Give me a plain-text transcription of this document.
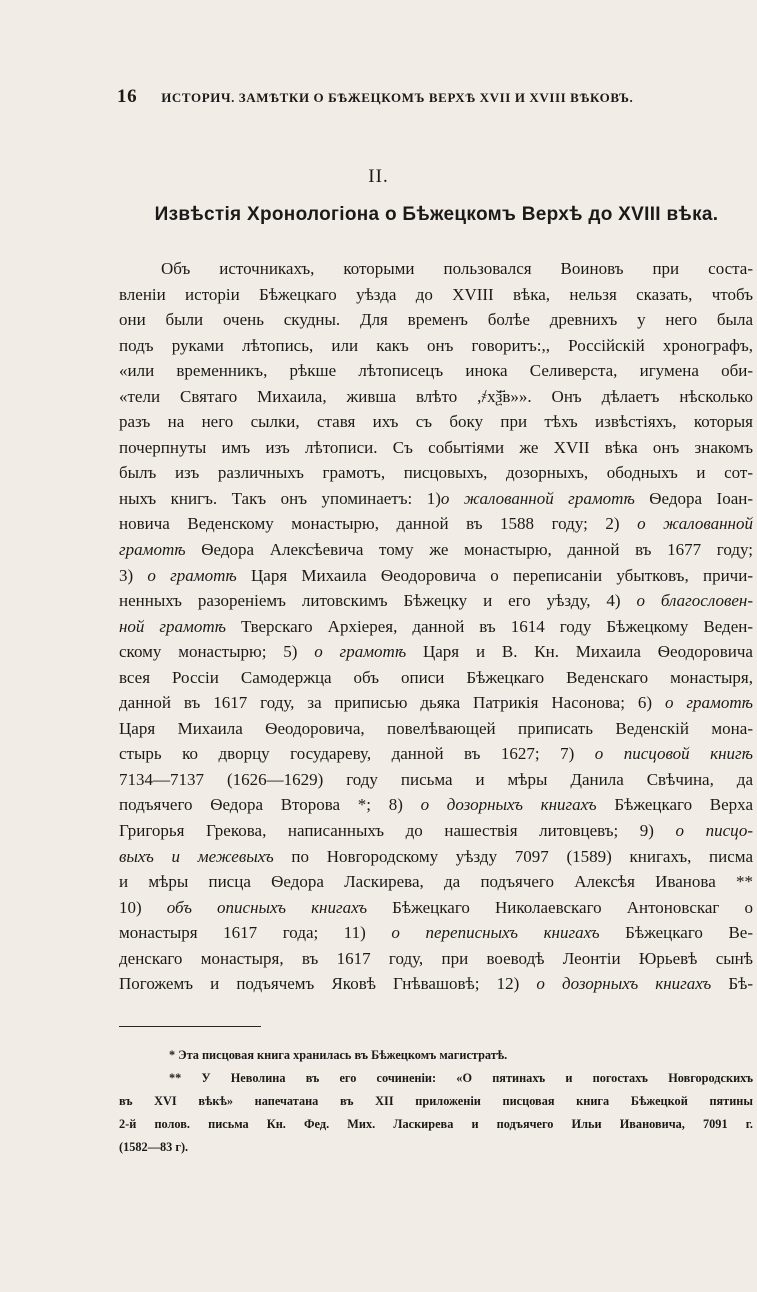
16 ИСТОРИЧ. ЗАМѢТКИ О БѢЖЕЦКОМЪ ВЕРХѢ XVII И XVIII ВѢКОВЪ.
II.
Извѣстія Хронологіона о Бѣжецкомъ Верхѣ до XVIII вѣка.
Объ источникахъ, которыми пользовался Воиновъ при соста-
вленіи исторіи Бѣжецкаго уѣзда до XVIII вѣка, нельзя сказать, чтобъ
они были очень скудны. Для временъ болѣе древнихъ у него была
подъ руками лѣтопись, или какъ онъ говоритъ:,, Россійскій хронографъ,
«или временникъ, рѣкше лѣтописецъ инока Селиверста, игумена оби-
«тели Святаго Михаила, живша влѣто ,҂хѯ҃в»». Онъ дѣлаетъ нѣсколько
разъ на него сылки, ставя ихъ съ боку при тѣхъ извѣстіяхъ, которыя
почерпнуты имъ изъ лѣтописи. Съ событіями же XVII вѣка онъ знакомъ
былъ изъ различныхъ грамотъ, писцовыхъ, дозорныхъ, ободныхъ и сот-
ныхъ книгъ. Такъ онъ упоминаетъ: 1)о жалованной грамотѣ Ѳедора Іоан-
новича Веденскому монастырю, данной въ 1588 году; 2) о жалованной
грамотѣ Ѳедора Алексѣевича тому же монастырю, данной въ 1677 году;
3) о грамотѣ Царя Михаила Ѳеодоровича о переписаніи убытковъ, причи-
ненныхъ разореніемъ литовскимъ Бѣжецку и его уѣзду, 4) о благословен-
ной грамотѣ Тверскаго Архіерея, данной въ 1614 году Бѣжецкому Веден-
скому монастырю; 5) о грамотѣ Царя и В. Кн. Михаила Ѳеодоровича
всея Россіи Самодержца объ описи Бѣжецкаго Веденскаго монастыря,
данной въ 1617 году, за приписью дьяка Патрикія Насонова; 6) о грамотѣ
Царя Михаила Ѳеодоровича, повелѣвающей приписать Веденскій мона-
стырь ко дворцу государеву, данной въ 1627; 7) о писцовой книгѣ
7134—7137 (1626—1629) году письма и мѣры Данила Свѣчина, да
подъячего Ѳедора Второва *; 8) о дозорныхъ книгахъ Бѣжецкаго Верха
Григорья Грекова, написанныхъ до нашествія литовцевъ; 9) о писцо-
выхъ и межевыхъ по Новгородскому уѣзду 7097 (1589) книгахъ, писма
и мѣры писца Ѳедора Ласкирева, да подъячего Алексѣя Иванова **
10) объ описныхъ книгахъ Бѣжецкаго Николаевскаго Антоновскаг о
монастыря 1617 года; 11) о переписныхъ книгахъ Бѣжецкаго Ве-
денскаго монастыря, въ 1617 году, при воеводѣ Леонтіи Юрьевѣ сынѣ
Погожемъ и подъячемъ Яковѣ Гнѣвашовѣ; 12) о дозорныхъ книгахъ Бѣ-
* Эта писцовая книга хранилась въ Бѣжецкомъ магистратѣ.
** У Неволина въ его сочиненіи: «О пятинахъ и погостахъ Новгородскихъ
въ XVI вѣкѣ» напечатана въ XII приложеніи писцовая книга Бѣжецкой пятины
2-й полов. письма Кн. Фед. Мих. Ласкирева и подъячего Ильи Ивановича, 7091 г.
(1582—83 г).
